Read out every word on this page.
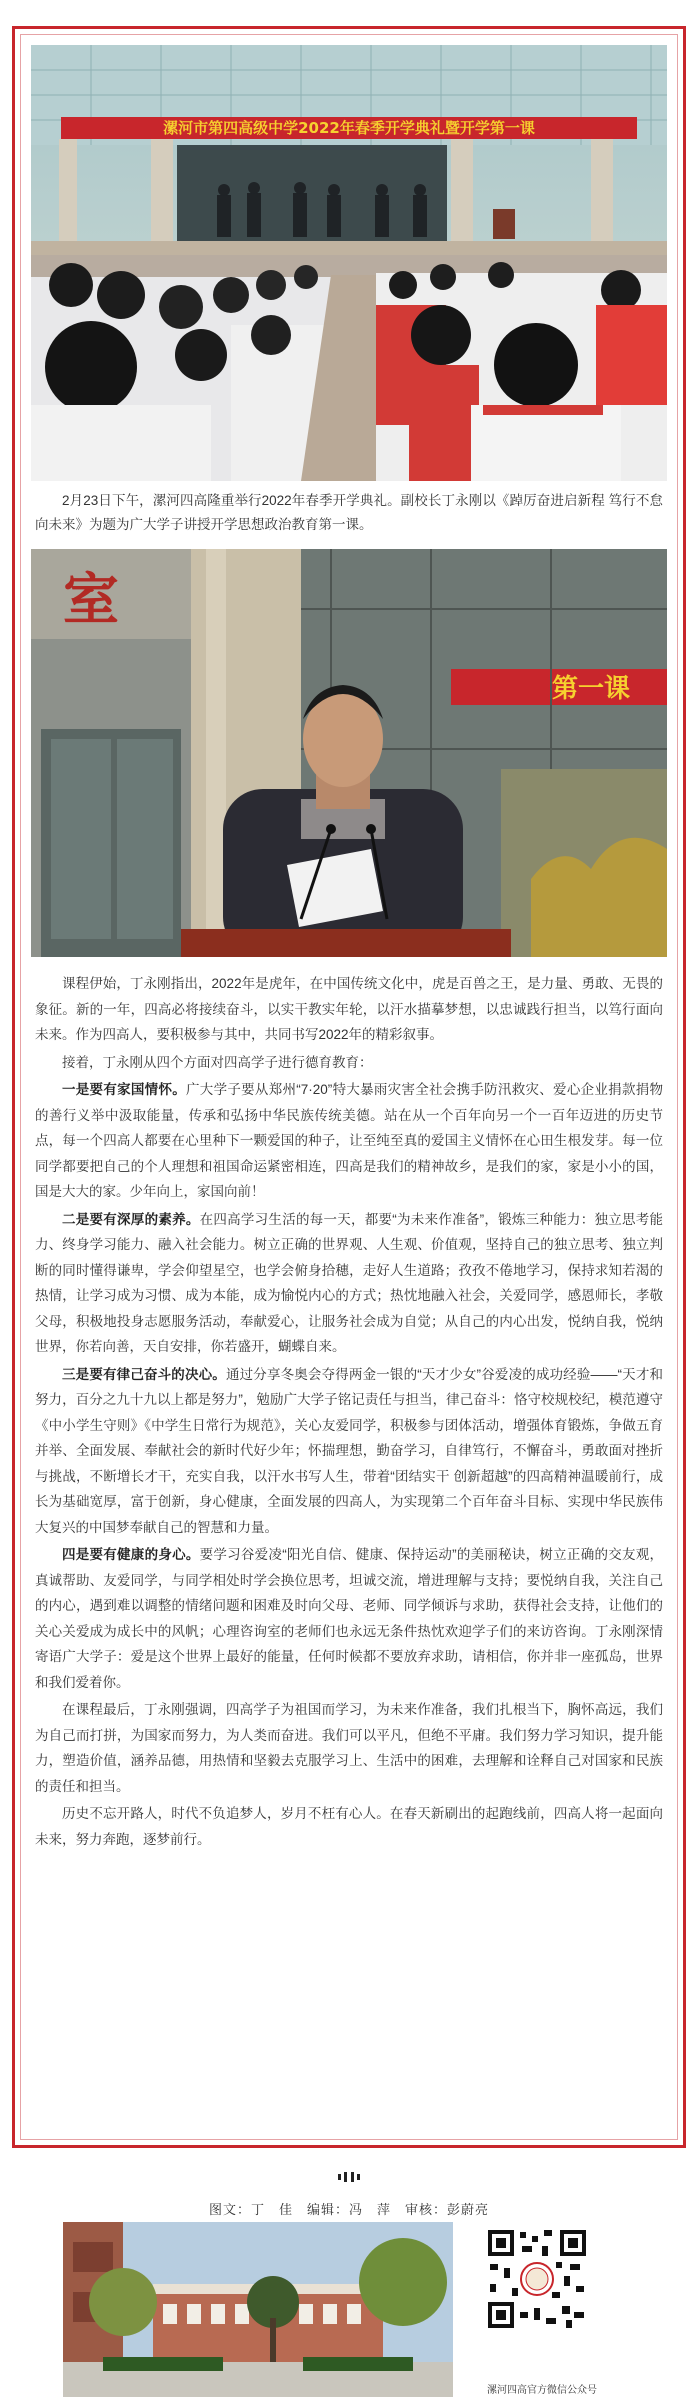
漯河市第四高级中学2022年春季开学典礼暨开学第一课

2月23日下午，漯河四高隆重举行2022年春季开学典礼。副校长丁永刚以《踔厉奋进启新程 笃行不怠向未来》为题为广大学子讲授开学思想政治教育第一课。

室
第一课

课程伊始，丁永刚指出，2022年是虎年，在中国传统文化中，虎是百兽之王，是力量、勇敢、无畏的象征。新的一年，四高必将接续奋斗，以实干教实年轮，以汗水描摹梦想，以忠诚践行担当，以笃行面向未来。作为四高人，要积极参与其中，共同书写2022年的精彩叙事。

接着，丁永刚从四个方面对四高学子进行德育教育：

一是要有家国情怀。广大学子要从郑州“7·20”特大暴雨灾害全社会携手防汛救灾、爱心企业捐款捐物的善行义举中汲取能量，传承和弘扬中华民族传统美德。站在从一个百年向另一个一百年迈进的历史节点，每一个四高人都要在心里种下一颗爱国的种子，让至纯至真的爱国主义情怀在心田生根发芽。每一位同学都要把自己的个人理想和祖国命运紧密相连，四高是我们的精神故乡，是我们的家，家是小小的国，国是大大的家。少年向上，家国向前！

二是要有深厚的素养。在四高学习生活的每一天，都要“为未来作准备”，锻炼三种能力：独立思考能力、终身学习能力、融入社会能力。树立正确的世界观、人生观、价值观，坚持自己的独立思考、独立判断的同时懂得谦卑，学会仰望星空，也学会俯身拾穗，走好人生道路；孜孜不倦地学习，保持求知若渴的热情，让学习成为习惯、成为本能，成为愉悦内心的方式；热忱地融入社会，关爱同学，感恩师长，孝敬父母，积极地投身志愿服务活动，奉献爱心，让服务社会成为自觉；从自己的内心出发，悦纳自我，悦纳世界，你若向善，天自安排，你若盛开，蝴蝶自来。

三是要有律己奋斗的决心。通过分享冬奥会夺得两金一银的“天才少女”谷爱凌的成功经验——“天才和努力，百分之九十九以上都是努力”，勉励广大学子铭记责任与担当，律己奋斗：恪守校规校纪，模范遵守《中小学生守则》《中学生日常行为规范》，关心友爱同学，积极参与团体活动，增强体育锻炼，争做五育并举、全面发展、奉献社会的新时代好少年；怀揣理想，勤奋学习，自律笃行，不懈奋斗，勇敢面对挫折与挑战，不断增长才干，充实自我，以汗水书写人生，带着“团结实干 创新超越”的四高精神温暖前行，成长为基础宽厚，富于创新，身心健康，全面发展的四高人，为实现第二个百年奋斗目标、实现中华民族伟大复兴的中国梦奉献自己的智慧和力量。

四是要有健康的身心。要学习谷爱凌“阳光自信、健康、保持运动”的美丽秘诀，树立正确的交友观，真诚帮助、友爱同学，与同学相处时学会换位思考，坦诚交流，增进理解与支持；要悦纳自我，关注自己的内心，遇到难以调整的情绪问题和困难及时向父母、老师、同学倾诉与求助，获得社会支持，让他们的关心关爱成为成长中的风帆；心理咨询室的老师们也永远无条件热忱欢迎学子们的来访咨询。丁永刚深情寄语广大学子：爱是这个世界上最好的能量，任何时候都不要放弃求助，请相信，你并非一座孤岛，世界和我们爱着你。

在课程最后，丁永刚强调，四高学子为祖国而学习，为未来作准备，我们扎根当下，胸怀高远，我们为自己而打拼，为国家而努力，为人类而奋进。我们可以平凡，但绝不平庸。我们努力学习知识，提升能力，塑造价值，涵养品德，用热情和坚毅去克服学习上、生活中的困难，去理解和诠释自己对国家和民族的责任和担当。

历史不忘开路人，时代不负追梦人，岁月不枉有心人。在春天新刷出的起跑线前，四高人将一起面向未来，努力奔跑，逐梦前行。

图文：丁　佳　编辑：冯　萍　审核：彭蔚亮
漯河四高官方微信公众号
